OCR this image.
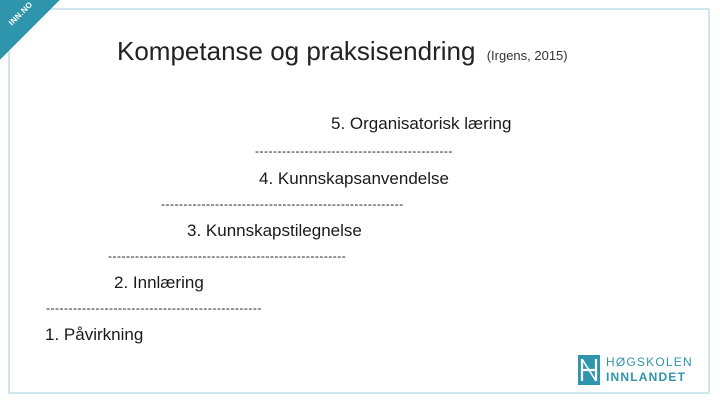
INN.NO
Kompetanse og praksisendring (Irgens, 2015)
5. Organisatorisk læring
--------------------------------------------
4. Kunnskapsanvendelse
------------------------------------------------------
3. Kunnskapstilegnelse
-----------------------------------------------------
2. Innlæring
------------------------------------------------
1. Påvirkning
HØGSKOLEN
INNLANDET
